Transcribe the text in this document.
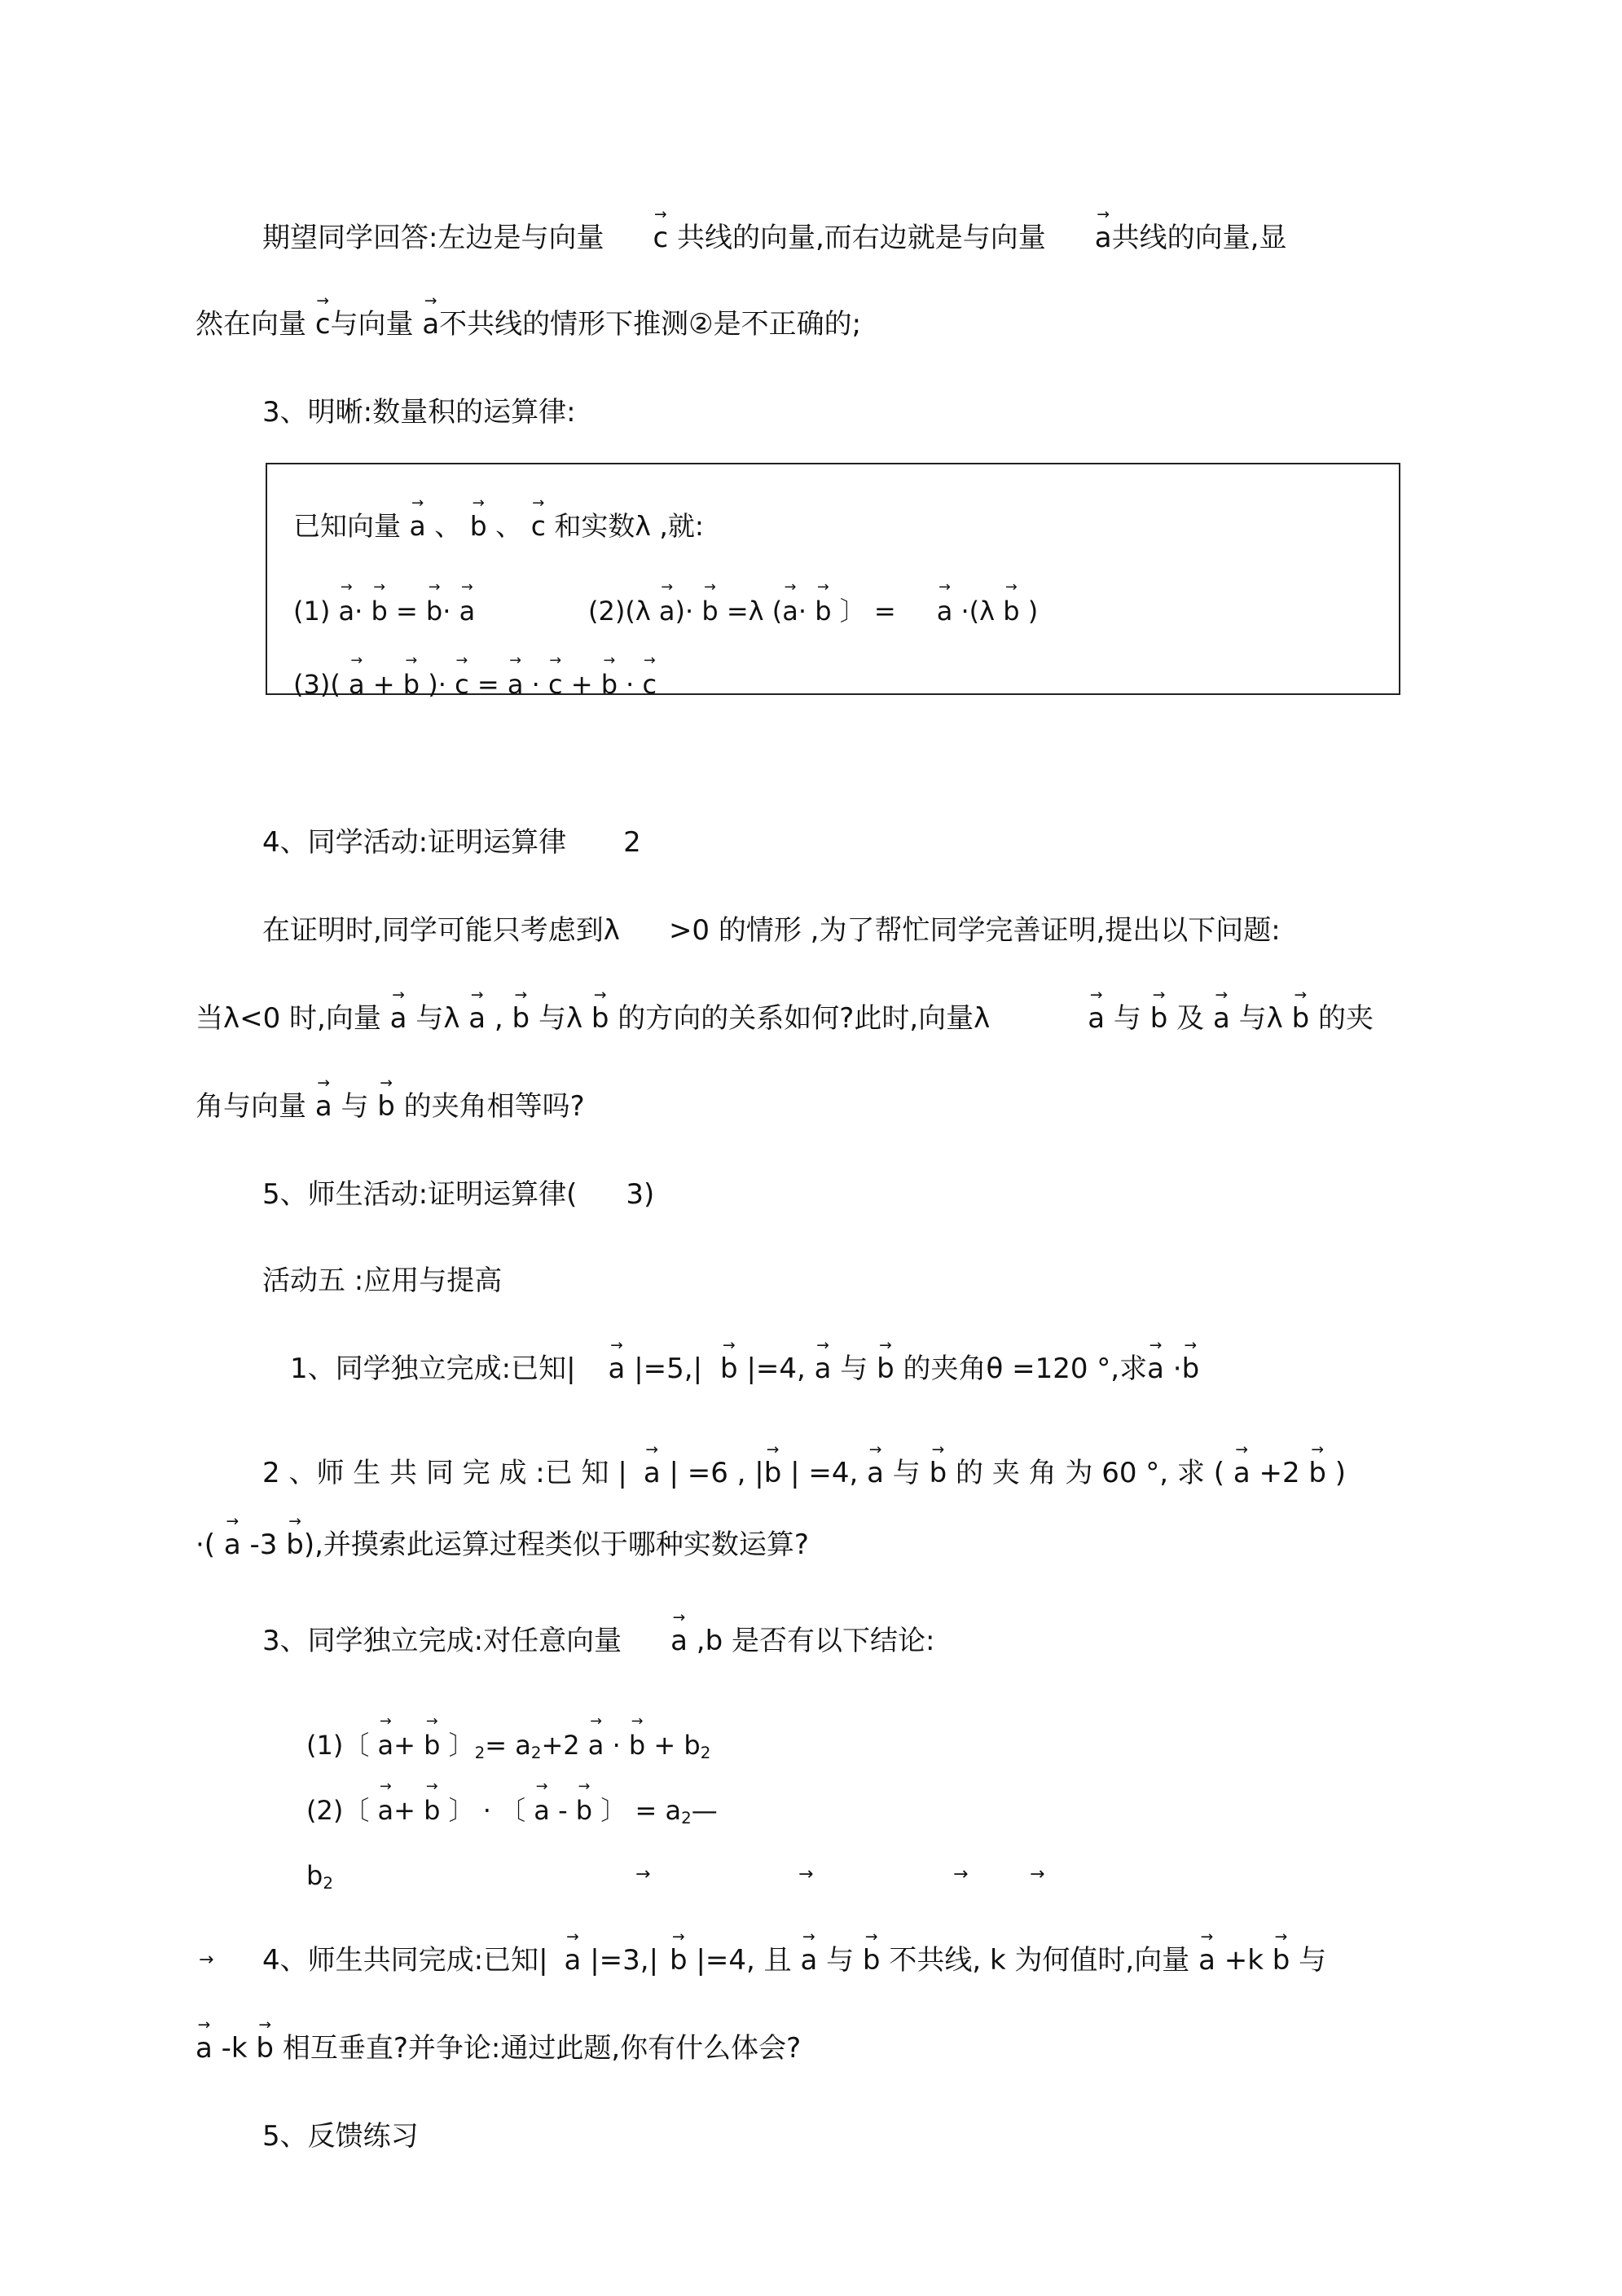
期望同学回答:左边是与向量 → c 共线的向量,而右边就是与向量 → a共线的向量,显
然在向量 → c与向量 → a不共线的情形下推测②是不正确的;
3、明晰:数量积的运算律:
已知向量 → a 、 → b 、 → c 和实数λ ,就:
(1) → a· → b = → b· → a	(2)(λ → a)· → b =λ (→ a· → b 〕 = → a ·(λ → b )
(3)( → a + → b )· → c = → a · → c + → b · → c
4、同学活动:证明运算律 2
在证明时,同学可能只考虑到λ >0 的情形 ,为了帮忙同学完善证明,提出以下问题:
当λ<0 时,向量 → a 与λ → a , → b 与λ → b 的方向的关系如何?此时,向量λ	→ a 与 → b 及 → a 与λ → b 的夹
角与向量 → a 与 → b 的夹角相等吗?
5、师生活动:证明运算律( 3)
活动五 :应用与提高
1、同学独立完成:已知| → a |=5,| → b |=4, → a 与 → b 的夹角θ =120 °,求→ a ·→ b
2 、师 生 共 同 完 成 :已 知 | → a | =6 , |→ b | =4, → a 与 → b 的 夹 角 为 60 °, 求 ( → a +2 → b )
·( → a -3 → b),并摸索此运算过程类似于哪种实数运算?
3、同学独立完成:对任意向量 → a ,b 是否有以下结论:
(1)〔 → a+ → b 〕$_2= a_2+2 \to a$ · → $b + b_2$
(2)〔 → a+ → b 〕 · 〔 → a - → b 〕 = $a_2—$
$b_2$	→	→	→	→
→ 4、师生共同完成:已知| → a |=3,| → b |=4, 且 → a 与 → b 不共线, k 为何值时,向量 → a +k → b 与
→ a -k → b 相互垂直?并争论:通过此题,你有什么体会?
5、反馈练习
